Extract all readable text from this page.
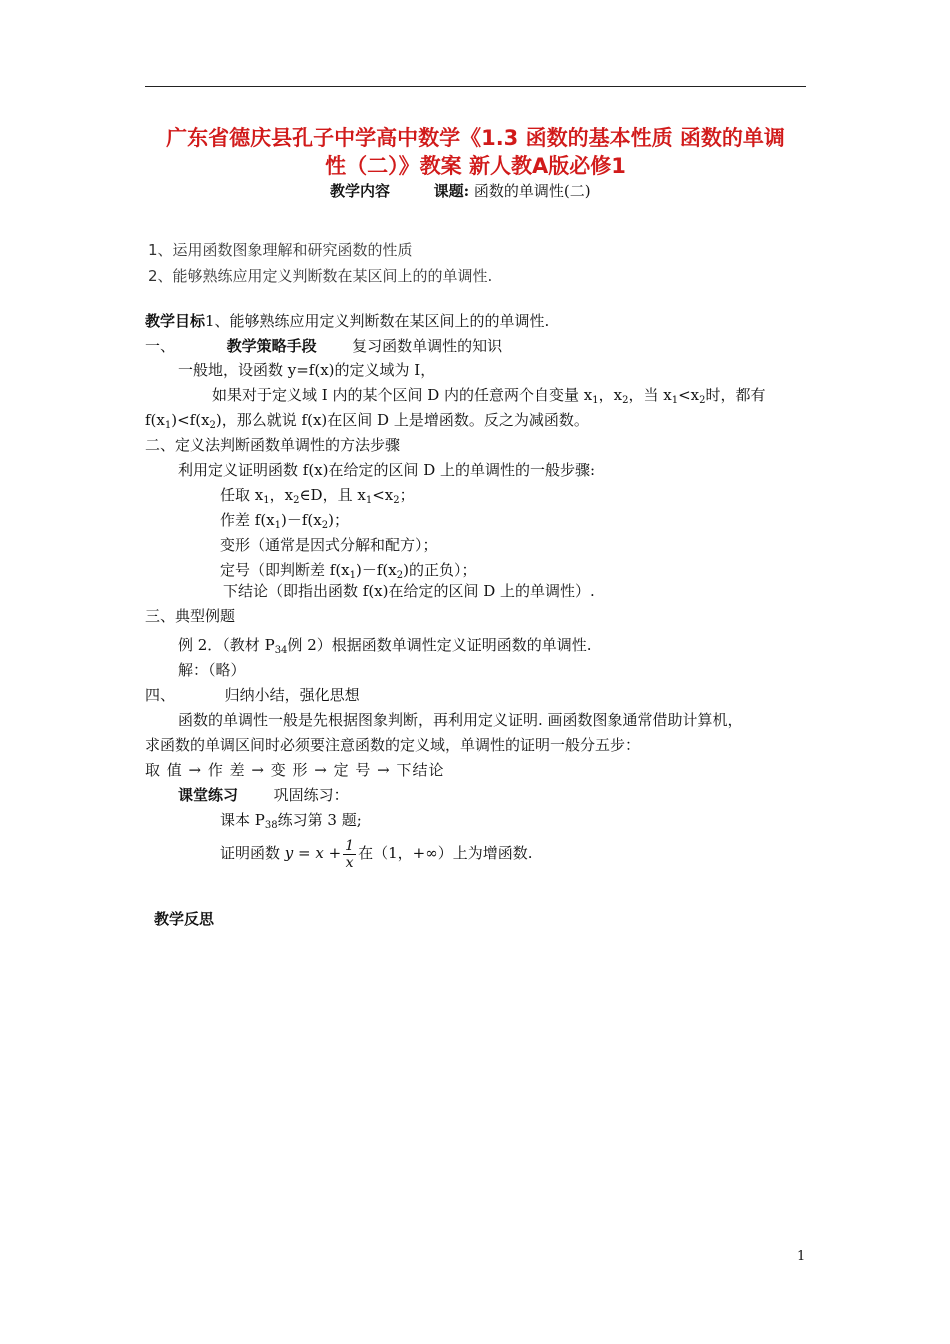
广东省德庆县孔子中学高中数学《1.3 函数的基本性质 函数的单调
性（二）》教案 新人教A版必修1
教学内容	课题: 函数的单调性(二)
1、运用函数图象理解和研究函数的性质
2、能够熟练应用定义判断数在某区间上的的单调性.
教学目标1、能够熟练应用定义判断数在某区间上的的单调性.
一、	教学策略手段 复习函数单调性的知识
一般地，设函数 y=f(x)的定义域为 I，
如果对于定义域 I 内的某个区间 D 内的任意两个自变量 $x_1$，$x_2$，当 $x_1<x_2$时，都有
$f(x_1)<f(x_2)$，那么就说 f(x)在区间 D 上是增函数。反之为减函数。
二、定义法判断函数单调性的方法步骤
利用定义证明函数 f(x)在给定的区间 D 上的单调性的一般步骤:
任取 $x_1$，$x_2\in D$，且 $x_1<x_2$；
作差 $f(x_1)-f(x_2)$；
变形（通常是因式分解和配方）；
定号（即判断差 $f(x_1)-f(x_2)$的正负）；
下结论（即指出函数 f(x)在给定的区间 D 上的单调性）.
三、典型例题
例 2．（教材 $P_{34}$例 2）根据函数单调性定义证明函数的单调性.
解：（略）
四、	归纳小结，强化思想
函数的单调性一般是先根据图象判断，再利用定义证明. 画函数图象通常借助计算机，
求函数的单调区间时必须要注意函数的定义域，单调性的证明一般分五步：
取 值 → 作 差 → 变 形 → 定 号 → 下结论
课堂练习 巩固练习：
课本 $P_{38}$练习第 3 题;
证明函数 $y = x + \frac{1}{x}$ 在（1，+∞）上为增函数.
教学反思
1
